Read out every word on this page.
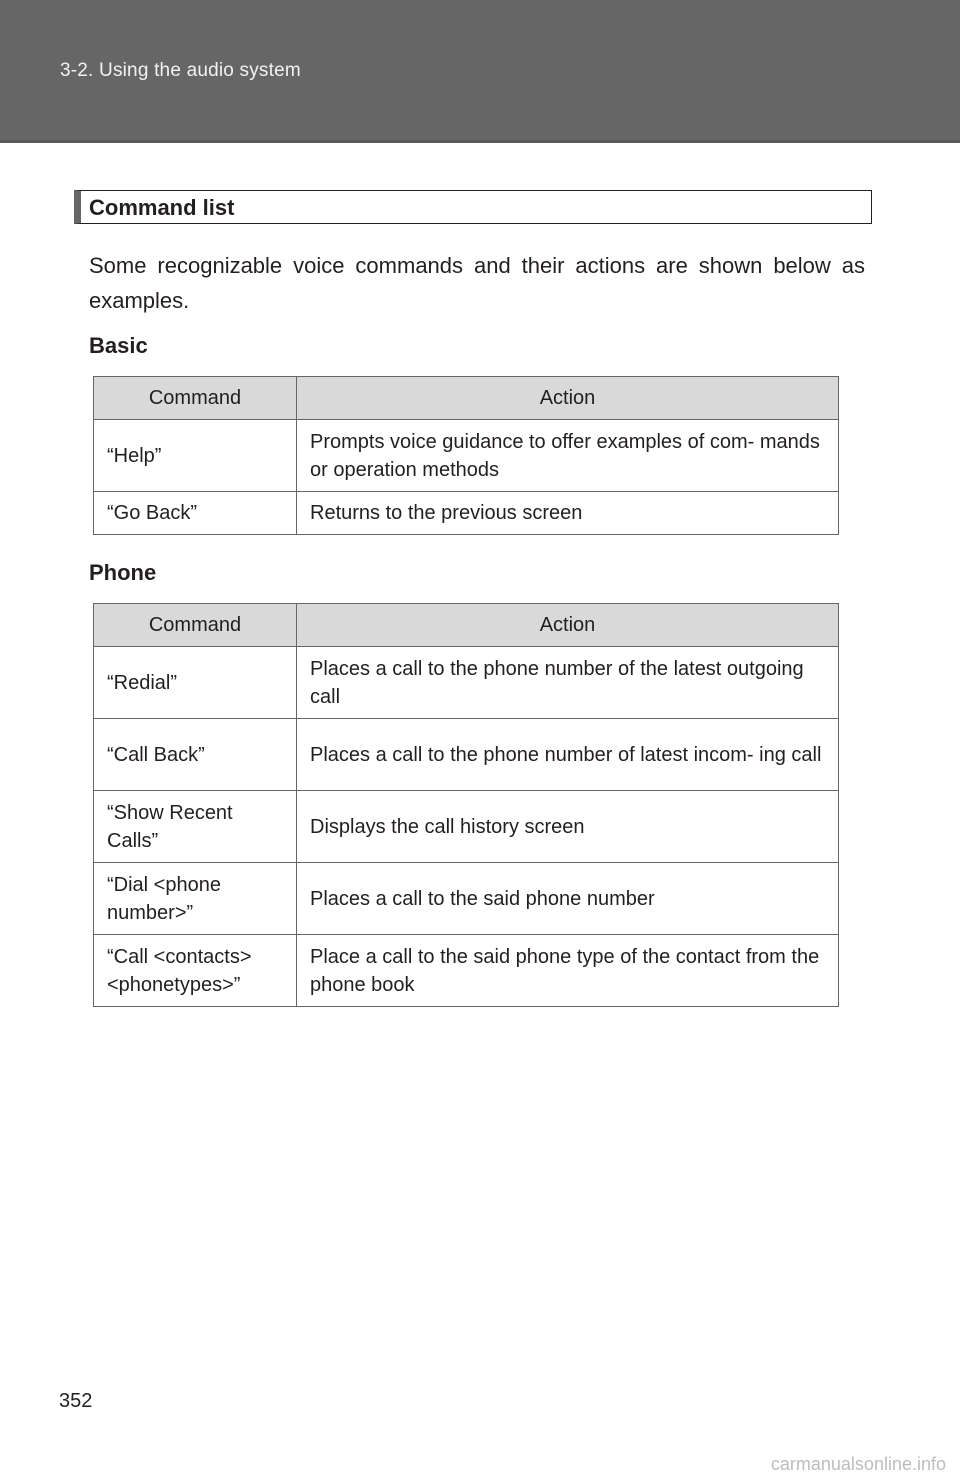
3-2. Using the audio system
Command list
Some recognizable voice commands and their actions are shown below as examples.
Basic
Command	Action
“Help”	Prompts voice guidance to offer examples of com- mands or operation methods
“Go Back”	Returns to the previous screen
Phone
Command	Action
“Redial”	Places a call to the phone number of the latest outgoing call
“Call Back”	Places a call to the phone number of latest incom- ing call
“Show Recent Calls”	Displays the call history screen
“Dial <phone number>”	Places a call to the said phone number
“Call <contacts> <phonetypes>”	Place a call to the said phone type of the contact from the phone book
352
carmanualsonline.info
